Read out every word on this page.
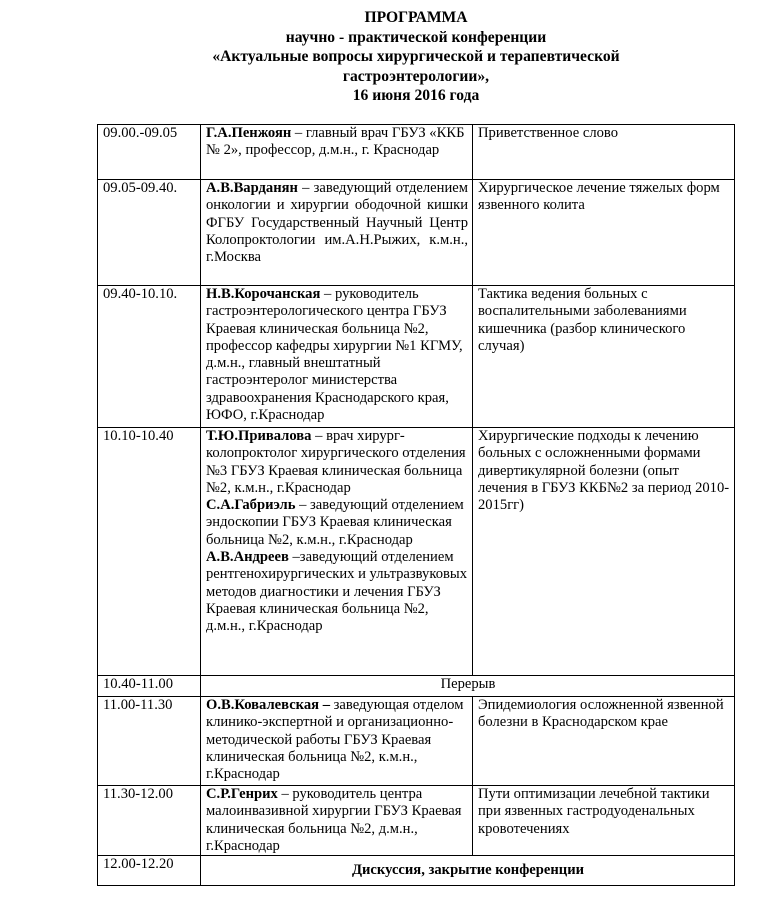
ПРОГРАММА
научно - практической конференции
«Актуальные вопросы хирургической и терапевтической
гастроэнтерологии»,
16 июня 2016 года
09.00.-09.05	Г.А.Пенжоян – главный врач ГБУЗ «ККБ № 2», профессор, д.м.н., г. Краснодар	Приветственное слово
09.05-09.40.	А.В.Варданян – заведующий отделением онкологии и хирургии ободочной кишки ФГБУ Государственный Научный Центр Колопроктологии им.А.Н.Рыжих, к.м.н., г.Москва	Хирургическое лечение тяжелых форм язвенного колита
09.40-10.10.	Н.В.Корочанская – руководитель гастроэнтерологического центра ГБУЗ Краевая клиническая больница №2, профессор кафедры хирургии №1 КГМУ, д.м.н., главный внештатный гастроэнтеролог министерства здравоохранения Краснодарского края, ЮФО, г.Краснодар	Тактика ведения больных с воспалительными заболеваниями кишечника (разбор клинического случая)
10.10-10.40	Т.Ю.Привалова – врач хирург-колопроктолог хирургического отделения №3 ГБУЗ Краевая клиническая больница №2, к.м.н., г.Краснодар
С.А.Габриэль – заведующий отделением эндоскопии ГБУЗ Краевая клиническая больница №2, к.м.н., г.Краснодар
А.В.Андреев –заведующий отделением рентгенохирургических и ультразвуковых методов диагностики и лечения ГБУЗ Краевая клиническая больница №2, д.м.н., г.Краснодар	Хирургические подходы к лечению больных с осложненными формами дивертикулярной болезни (опыт лечения в ГБУЗ ККБ№2 за период 2010-2015гг)
10.40-11.00	Перерыв	
11.00-11.30	О.В.Ковалевская – заведующая отделом клинико-экспертной и организационно-методической работы ГБУЗ Краевая клиническая больница №2, к.м.н., г.Краснодар	Эпидемиология осложненной язвенной болезни в Краснодарском крае
11.30-12.00	С.Р.Генрих – руководитель центра малоинвазивной хирургии ГБУЗ Краевая клиническая больница №2, д.м.н., г.Краснодар	Пути оптимизации лечебной тактики при язвенных гастродуоденальных кровотечениях
12.00-12.20	Дискуссия, закрытие конференции	
